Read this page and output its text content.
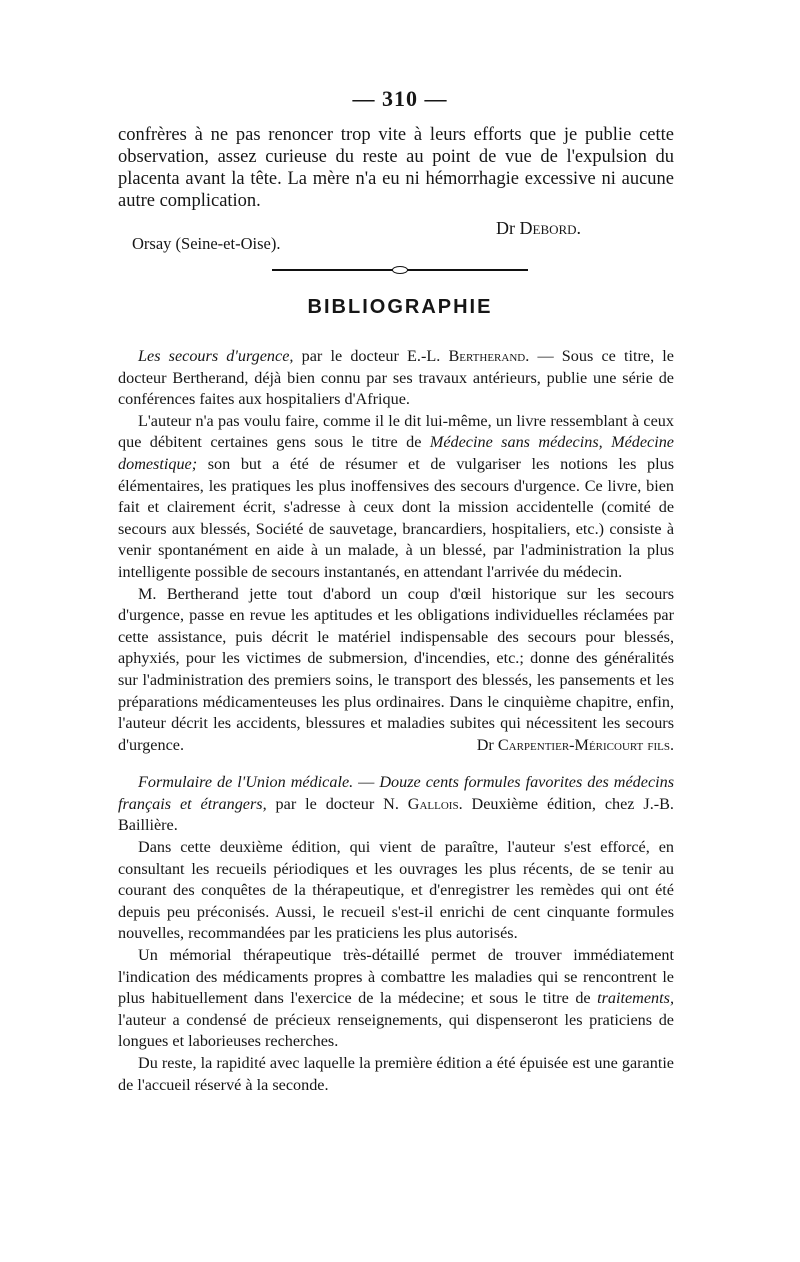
— 310 —

confrères à ne pas renoncer trop vite à leurs efforts que je publie cette observation, assez curieuse du reste au point de vue de l'expulsion du placenta avant la tête. La mère n'a eu ni hémorrhagie excessive ni aucune autre complication.

Dr Debord.
Orsay (Seine-et-Oise).
BIBLIOGRAPHIE

Les secours d'urgence, par le docteur E.-L. Bertherand. — Sous ce titre, le docteur Bertherand, déjà bien connu par ses travaux antérieurs, publie une série de conférences faites aux hospitaliers d'Afrique.

L'auteur n'a pas voulu faire, comme il le dit lui-même, un livre ressemblant à ceux que débitent certaines gens sous le titre de Médecine sans médecins, Médecine domestique; son but a été de résumer et de vulgariser les notions les plus élémentaires, les pratiques les plus inoffensives des secours d'urgence. Ce livre, bien fait et clairement écrit, s'adresse à ceux dont la mission accidentelle (comité de secours aux blessés, Société de sauvetage, brancardiers, hospitaliers, etc.) consiste à venir spontanément en aide à un malade, à un blessé, par l'administration la plus intelligente possible de secours instantanés, en attendant l'arrivée du médecin.

M. Bertherand jette tout d'abord un coup d'œil historique sur les secours d'urgence, passe en revue les aptitudes et les obligations individuelles réclamées par cette assistance, puis décrit le matériel indispensable des secours pour blessés, aphyxiés, pour les victimes de submersion, d'incendies, etc.; donne des généralités sur l'administration des premiers soins, le transport des blessés, les pansements et les préparations médicamenteuses les plus ordinaires. Dans le cinquième chapitre, enfin, l'auteur décrit les accidents, blessures et maladies subites qui nécessitent les secours d'urgence.	Dr Carpentier-Méricourt fils.

Formulaire de l'Union médicale. — Douze cents formules favorites des médecins français et étrangers, par le docteur N. Gallois. Deuxième édition, chez J.-B. Baillière.

Dans cette deuxième édition, qui vient de paraître, l'auteur s'est efforcé, en consultant les recueils périodiques et les ouvrages les plus récents, de se tenir au courant des conquêtes de la thérapeutique, et d'enregistrer les remèdes qui ont été depuis peu préconisés. Aussi, le recueil s'est-il enrichi de cent cinquante formules nouvelles, recommandées par les praticiens les plus autorisés.

Un mémorial thérapeutique très-détaillé permet de trouver immédiatement l'indication des médicaments propres à combattre les maladies qui se rencontrent le plus habituellement dans l'exercice de la médecine; et sous le titre de traitements, l'auteur a condensé de précieux renseignements, qui dispenseront les praticiens de longues et laborieuses recherches.

Du reste, la rapidité avec laquelle la première édition a été épuisée est une garantie de l'accueil réservé à la seconde.
